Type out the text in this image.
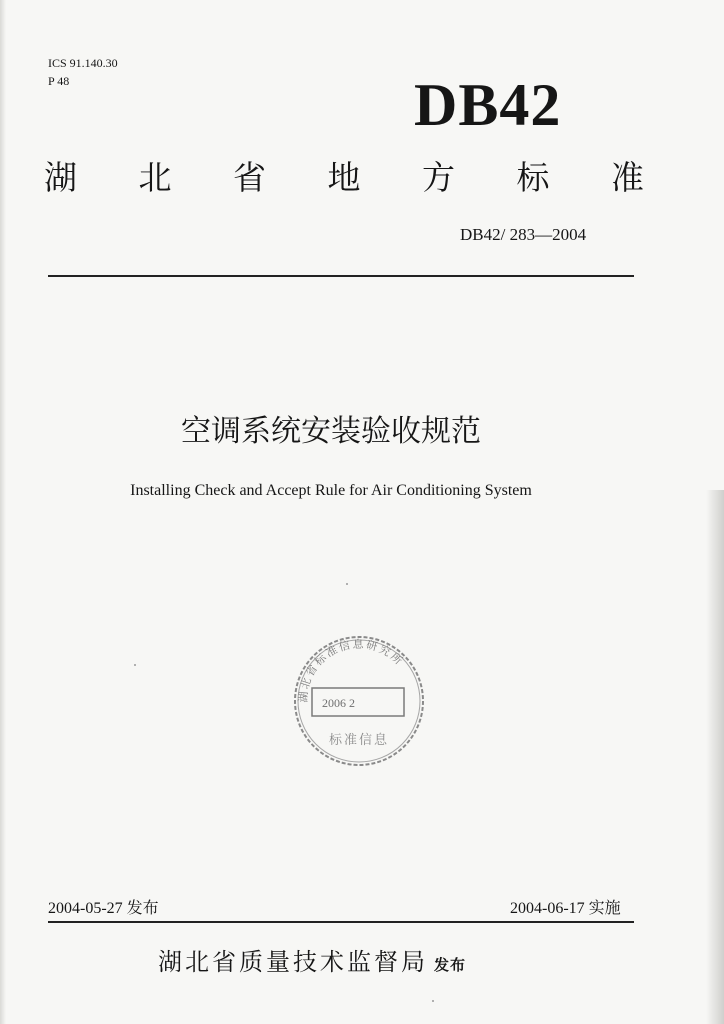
ICS 91.140.30
P 48	DB42
湖 北 省 地 方 标 准
DB42/ 283—2004
空调系统安装验收规范
Installing Check and Accept Rule for Air Conditioning System
湖北省标准信息研究所
2006 2
标准信息
2004-05-27 发布	2004-06-17 实施
湖北省质量技术监督局 发布
